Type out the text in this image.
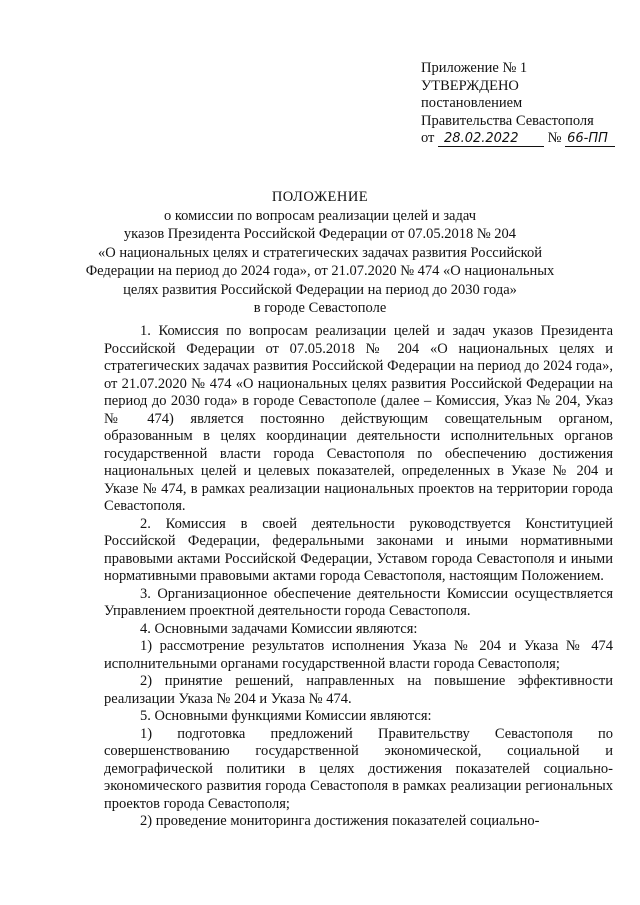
Приложение № 1
УТВЕРЖДЕНО
постановлением
Правительства Севастополя
от 28.02.2022 № 66-ПП
ПОЛОЖЕНИЕ
о комиссии по вопросам реализации целей и задач
указов Президента Российской Федерации от 07.05.2018 № 204
«О национальных целях и стратегических задачах развития Российской
Федерации на период до 2024 года», от 21.07.2020 № 474 «О национальных
целях развития Российской Федерации на период до 2030 года»
в городе Севастополе

1. Комиссия по вопросам реализации целей и задач указов Президента Российской Федерации от 07.05.2018 № 204 «О национальных целях и стратегических задачах развития Российской Федерации на период до 2024 года», от 21.07.2020 № 474 «О национальных целях развития Российской Федерации на период до 2030 года» в городе Севастополе (далее – Комиссия, Указ № 204, Указ № 474) является постоянно действующим совещательным органом, образованным в целях координации деятельности исполнительных органов государственной власти города Севастополя по обеспечению достижения национальных целей и целевых показателей, определенных в Указе № 204 и Указе № 474, в рамках реализации национальных проектов на территории города Севастополя.

2. Комиссия в своей деятельности руководствуется Конституцией Российской Федерации, федеральными законами и иными нормативными правовыми актами Российской Федерации, Уставом города Севастополя и иными нормативными правовыми актами города Севастополя, настоящим Положением.

3. Организационное обеспечение деятельности Комиссии осуществляется Управлением проектной деятельности города Севастополя.

4. Основными задачами Комиссии являются:

1) рассмотрение результатов исполнения Указа № 204 и Указа № 474 исполнительными органами государственной власти города Севастополя;

2) принятие решений, направленных на повышение эффективности реализации Указа № 204 и Указа № 474.

5. Основными функциями Комиссии являются:

1) подготовка предложений Правительству Севастополя по совершенствованию государственной экономической, социальной и демографической политики в целях достижения показателей социально-экономического развития города Севастополя в рамках реализации региональных проектов города Севастополя;

2) проведение мониторинга достижения показателей социально-
